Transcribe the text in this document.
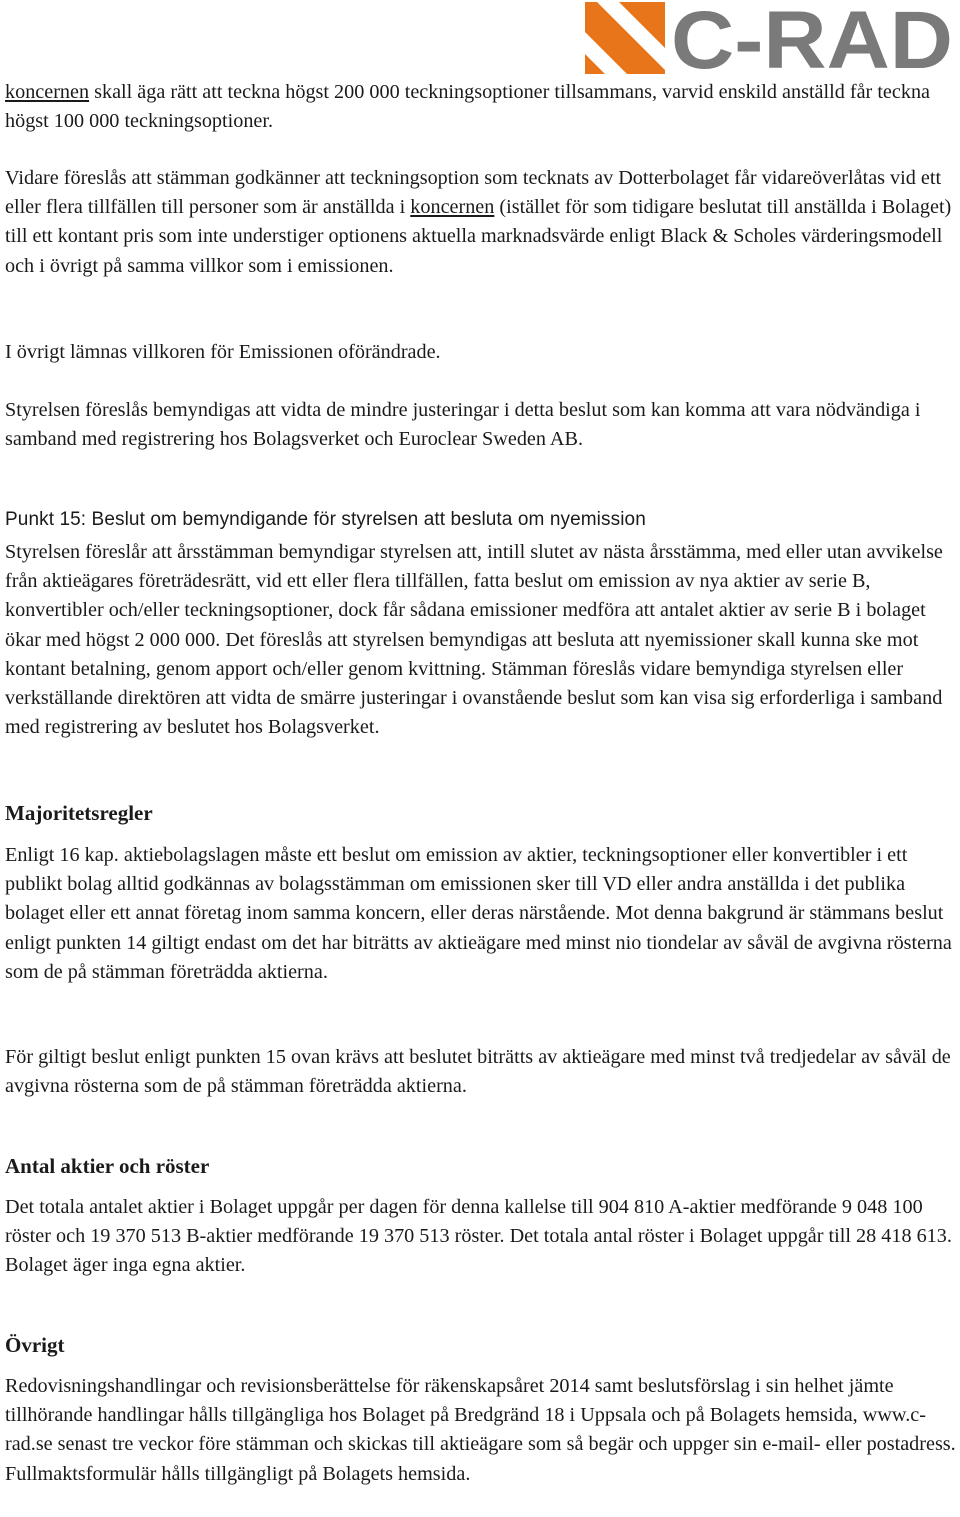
C-RAD

koncernen skall äga rätt att teckna högst 200 000 teckningsoptioner tillsammans, varvid enskild anställd får teckna högst 100 000 teckningsoptioner.

Vidare föreslås att stämman godkänner att teckningsoption som tecknats av Dotterbolaget får vidareöverlåtas vid ett eller flera tillfällen till personer som är anställda i koncernen (istället för som tidigare beslutat till anställda i Bolaget) till ett kontant pris som inte understiger optionens aktuella marknadsvärde enligt Black & Scholes värderingsmodell och i övrigt på samma villkor som i emissionen.

I övrigt lämnas villkoren för Emissionen oförändrade.

Styrelsen föreslås bemyndigas att vidta de mindre justeringar i detta beslut som kan komma att vara nödvändiga i samband med registrering hos Bolagsverket och Euroclear Sweden AB.

Punkt 15: Beslut om bemyndigande för styrelsen att besluta om nyemission

Styrelsen föreslår att årsstämman bemyndigar styrelsen att, intill slutet av nästa årsstämma, med eller utan avvikelse från aktieägares företrädesrätt, vid ett eller flera tillfällen, fatta beslut om emission av nya aktier av serie B, konvertibler och/eller teckningsoptioner, dock får sådana emissioner medföra att antalet aktier av serie B i bolaget ökar med högst 2 000 000. Det föreslås att styrelsen bemyndigas att besluta att nyemissioner skall kunna ske mot kontant betalning, genom apport och/eller genom kvittning. Stämman föreslås vidare bemyndiga styrelsen eller verkställande direktören att vidta de smärre justeringar i ovanstående beslut som kan visa sig erforderliga i samband med registrering av beslutet hos Bolagsverket.

Majoritetsregler

Enligt 16 kap. aktiebolagslagen måste ett beslut om emission av aktier, teckningsoptioner eller konvertibler i ett publikt bolag alltid godkännas av bolagsstämman om emissionen sker till VD eller andra anställda i det publika bolaget eller ett annat företag inom samma koncern, eller deras närstående. Mot denna bakgrund är stämmans beslut enligt punkten 14 giltigt endast om det har biträtts av aktieägare med minst nio tiondelar av såväl de avgivna rösterna som de på stämman företrädda aktierna.

För giltigt beslut enligt punkten 15 ovan krävs att beslutet biträtts av aktieägare med minst två tredjedelar av såväl de avgivna rösterna som de på stämman företrädda aktierna.

Antal aktier och röster

Det totala antalet aktier i Bolaget uppgår per dagen för denna kallelse till 904 810 A-aktier medförande 9 048 100 röster och 19 370 513 B-aktier medförande 19 370 513 röster. Det totala antal röster i Bolaget uppgår till 28 418 613. Bolaget äger inga egna aktier.

Övrigt

Redovisningshandlingar och revisionsberättelse för räkenskapsåret 2014 samt beslutsförslag i sin helhet jämte tillhörande handlingar hålls tillgängliga hos Bolaget på Bredgränd 18 i Uppsala och på Bolagets hemsida, www.c-rad.se senast tre veckor före stämman och skickas till aktieägare som så begär och uppger sin e-mail- eller postadress. Fullmaktsformulär hålls tillgängligt på Bolagets hemsida.
